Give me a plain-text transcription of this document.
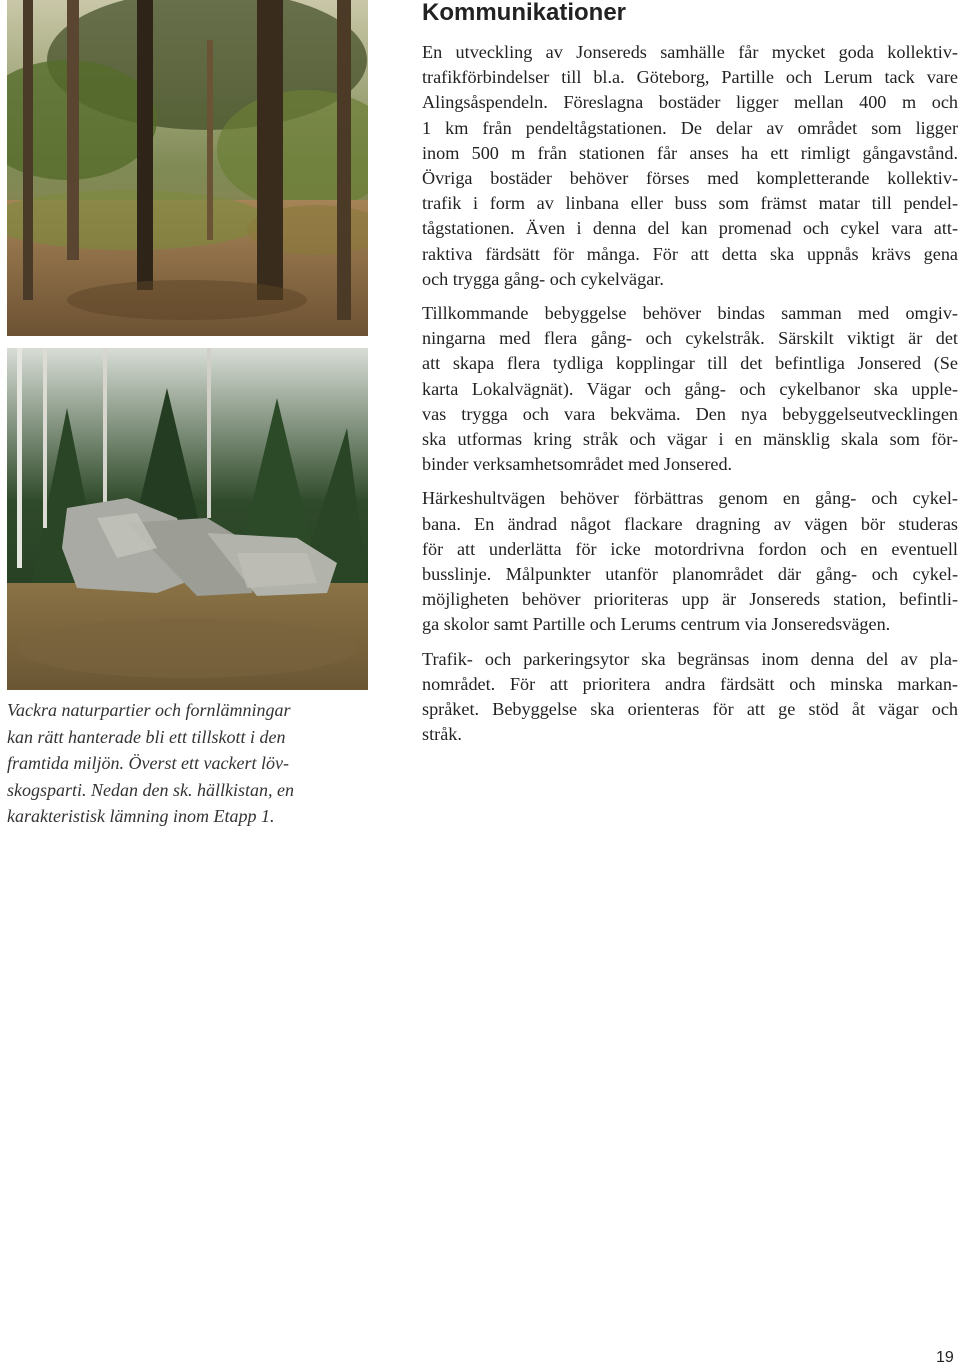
Vackra naturpartier och fornlämningar
kan rätt hanterade bli ett tillskott i den
framtida miljön. Överst ett vackert löv-
skogsparti. Nedan den sk. hällkistan, en
karakteristisk lämning inom Etapp 1.
Kommunikationer

En utveckling av Jonsereds samhälle får mycket goda kollektiv-
trafikförbindelser till bl.a. Göteborg, Partille och Lerum tack vare
Alingsåspendeln. Föreslagna bostäder ligger mellan 400 m och
1 km från pendeltågstationen. De delar av området som ligger
inom 500 m från stationen får anses ha ett rimligt gångavstånd.
Övriga bostäder behöver förses med kompletterande kollektiv-
trafik i form av linbana eller buss som främst matar till pendel-
tågstationen. Även i denna del kan promenad och cykel vara att-
raktiva färdsätt för många. För att detta ska uppnås krävs gena
och trygga gång- och cykelvägar.

Tillkommande bebyggelse behöver bindas samman med omgiv-
ningarna med flera gång- och cykelstråk. Särskilt viktigt är det
att skapa flera tydliga kopplingar till det befintliga Jonsered (Se
karta Lokalvägnät). Vägar och gång- och cykelbanor ska upple-
vas trygga och vara bekväma. Den nya bebyggelseutvecklingen
ska utformas kring stråk och vägar i en mänsklig skala som för-
binder verksamhetsområdet med Jonsered.

Härkeshultvägen behöver förbättras genom en gång- och cykel-
bana. En ändrad något flackare dragning av vägen bör studeras
för att underlätta för icke motordrivna fordon och en eventuell
busslinje. Målpunkter utanför planområdet där gång- och cykel-
möjligheten behöver prioriteras upp är Jonsereds station, befintli-
ga skolor samt Partille och Lerums centrum via Jonseredsvägen.

Trafik- och parkeringsytor ska begränsas inom denna del av pla-
nområdet. För att prioritera andra färdsätt och minska markan-
språket. Bebyggelse ska orienteras för att ge stöd åt vägar och
stråk.

19
